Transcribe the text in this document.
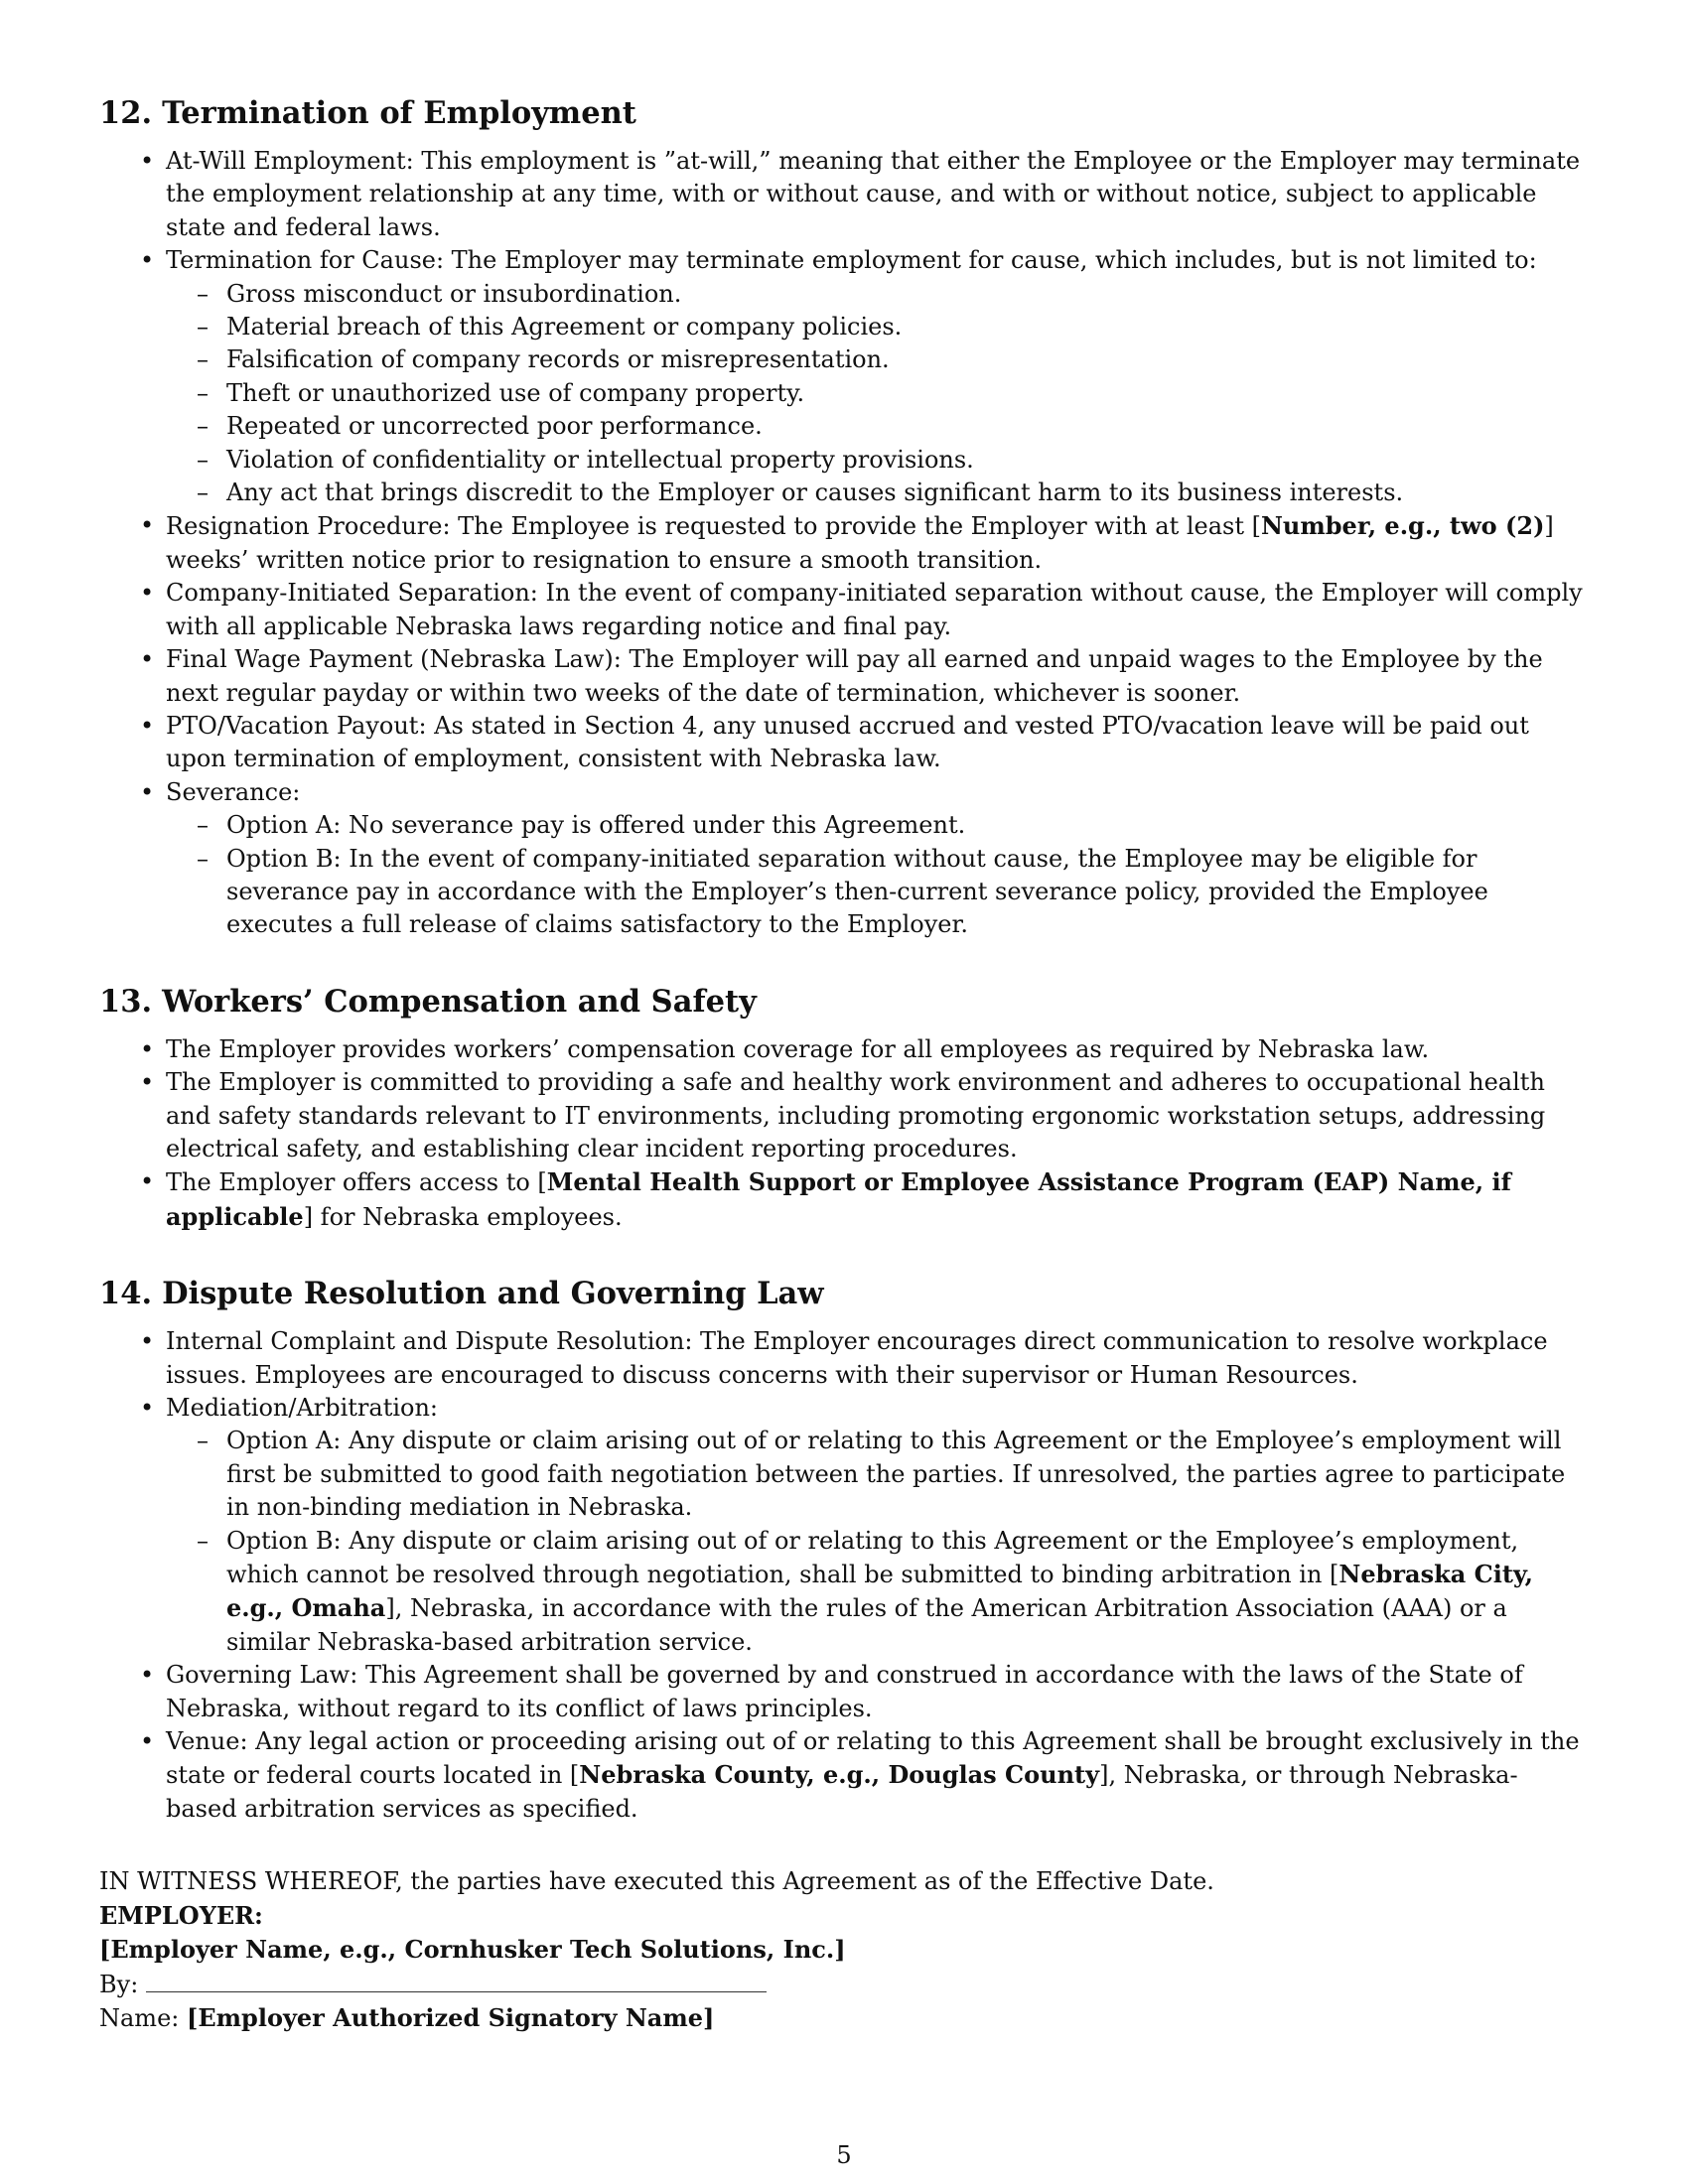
12. Termination of Employment
• At-Will Employment: This employment is ”at-will,” meaning that either the Employee or the Employer may terminate the employment relationship at any time, with or without cause, and with or without notice, subject to applicable state and federal laws.
• Termination for Cause: The Employer may terminate employment for cause, which includes, but is not limited to:
– Gross misconduct or insubordination.
– Material breach of this Agreement or company policies.
– Falsification of company records or misrepresentation.
– Theft or unauthorized use of company property.
– Repeated or uncorrected poor performance.
– Violation of confidentiality or intellectual property provisions.
– Any act that brings discredit to the Employer or causes significant harm to its business interests.
• Resignation Procedure: The Employee is requested to provide the Employer with at least [Number, e.g., two (2)] weeks’ written notice prior to resignation to ensure a smooth transition.
• Company-Initiated Separation: In the event of company-initiated separation without cause, the Employer will comply with all applicable Nebraska laws regarding notice and final pay.
• Final Wage Payment (Nebraska Law): The Employer will pay all earned and unpaid wages to the Employee by the next regular payday or within two weeks of the date of termination, whichever is sooner.
• PTO/Vacation Payout: As stated in Section 4, any unused accrued and vested PTO/vacation leave will be paid out upon termination of employment, consistent with Nebraska law.
• Severance:
– Option A: No severance pay is offered under this Agreement.
– Option B: In the event of company-initiated separation without cause, the Employee may be eligible for severance pay in accordance with the Employer’s then-current severance policy, provided the Employee executes a full release of claims satisfactory to the Employer.
13. Workers’ Compensation and Safety
• The Employer provides workers’ compensation coverage for all employees as required by Nebraska law.
• The Employer is committed to providing a safe and healthy work environment and adheres to occupational health and safety standards relevant to IT environments, including promoting ergonomic workstation setups, addressing electrical safety, and establishing clear incident reporting procedures.
• The Employer offers access to [Mental Health Support or Employee Assistance Program (EAP) Name, if applicable] for Nebraska employees.
14. Dispute Resolution and Governing Law
• Internal Complaint and Dispute Resolution: The Employer encourages direct communication to resolve workplace issues. Employees are encouraged to discuss concerns with their supervisor or Human Resources.
• Mediation/Arbitration:
– Option A: Any dispute or claim arising out of or relating to this Agreement or the Employee’s employment will first be submitted to good faith negotiation between the parties. If unresolved, the parties agree to participate in non-binding mediation in Nebraska.
– Option B: Any dispute or claim arising out of or relating to this Agreement or the Employee’s employment, which cannot be resolved through negotiation, shall be submitted to binding arbitration in [Nebraska City, e.g., Omaha], Nebraska, in accordance with the rules of the American Arbitration Association (AAA) or a similar Nebraska-based arbitration service.
• Governing Law: This Agreement shall be governed by and construed in accordance with the laws of the State of Nebraska, without regard to its conflict of laws principles.
• Venue: Any legal action or proceeding arising out of or relating to this Agreement shall be brought exclusively in the state or federal courts located in [Nebraska County, e.g., Douglas County], Nebraska, or through Nebraska-based arbitration services as specified.

IN WITNESS WHEREOF, the parties have executed this Agreement as of the Effective Date.

EMPLOYER:

[Employer Name, e.g., Cornhusker Tech Solutions, Inc.]

By:

Name: [Employer Authorized Signatory Name]

5
